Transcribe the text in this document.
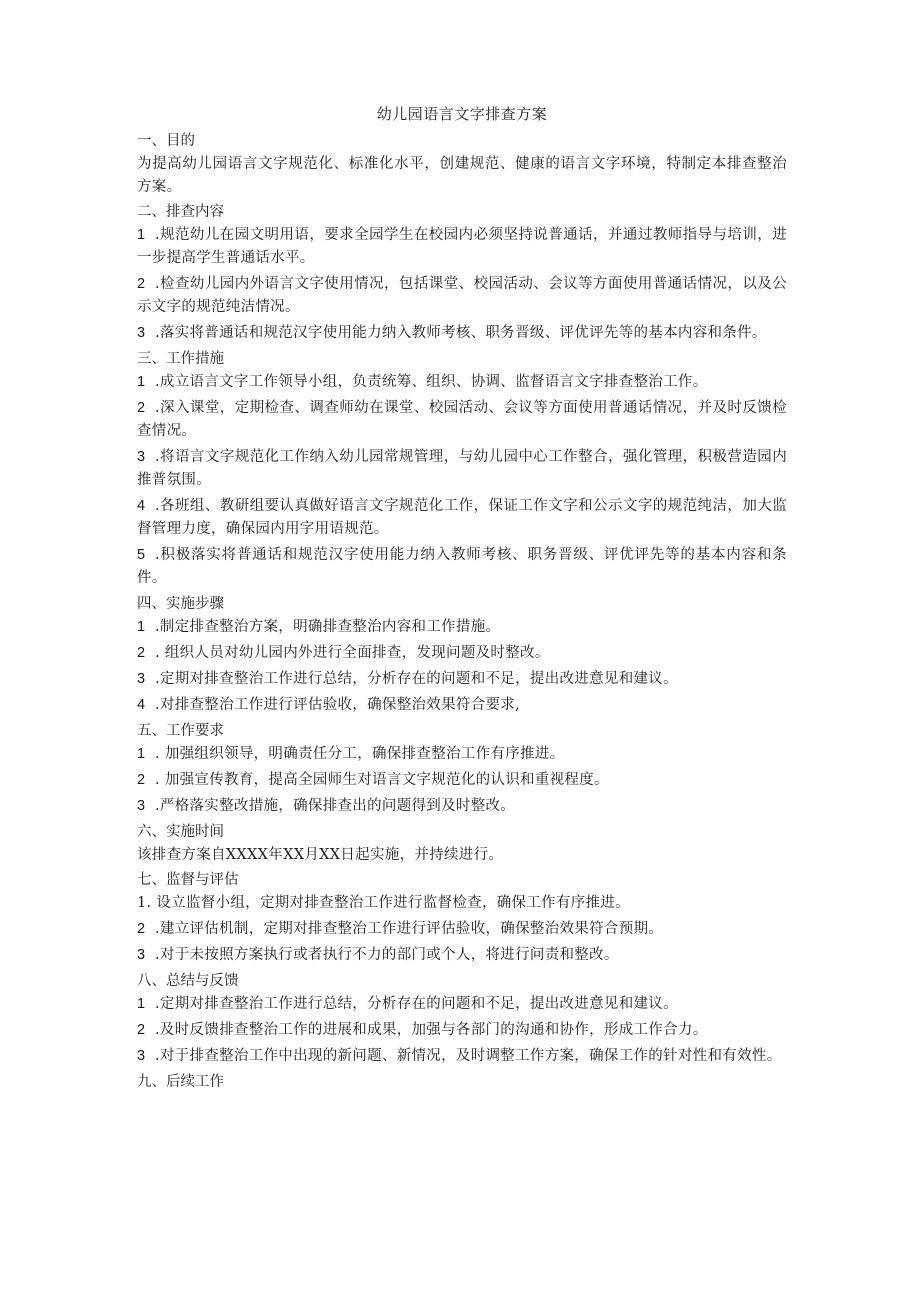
幼儿园语言文字排查方案

一、目的

为提高幼儿园语言文字规范化、标准化水平，创建规范、健康的语言文字环境，特制定本排查整治方案。

二、排查内容

1 .规范幼儿在园文明用语，要求全园学生在校园内必须坚持说普通话，并通过教师指导与培训，进一步提高学生普通话水平。

2 .检查幼儿园内外语言文字使用情况，包括课堂、校园活动、会议等方面使用普通话情况，以及公示文字的规范纯洁情况。

3 .落实将普通话和规范汉字使用能力纳入教师考核、职务晋级、评优评先等的基本内容和条件。

三、工作措施

1 .成立语言文字工作领导小组，负责统筹、组织、协调、监督语言文字排查整治工作。

2 .深入课堂，定期检查、调查师幼在课堂、校园活动、会议等方面使用普通话情况，并及时反馈检查情况。

3 .将语言文字规范化工作纳入幼儿园常规管理，与幼儿园中心工作整合，强化管理，积极营造园内推普氛围。

4 .各班组、教研组要认真做好语言文字规范化工作，保证工作文字和公示文字的规范纯洁，加大监督管理力度，确保园内用字用语规范。

5 .积极落实将普通话和规范汉字使用能力纳入教师考核、职务晋级、评优评先等的基本内容和条件。

四、实施步骤

1 .制定排查整治方案，明确排查整治内容和工作措施。

2 . 组织人员对幼儿园内外进行全面排查，发现问题及时整改。

3 .定期对排查整治工作进行总结，分析存在的问题和不足，提出改进意见和建议。

4 .对排查整治工作进行评估验收，确保整治效果符合要求,

五、工作要求

1 . 加强组织领导，明确责任分工，确保排查整治工作有序推进。

2 . 加强宣传教育，提高全园师生对语言文字规范化的认识和重视程度。

3 .严格落实整改措施，确保排查出的问题得到及时整改。

六、实施时间

该排查方案自XXXX年XX月XX日起实施，并持续进行。

七、监督与评估

1. 设立监督小组，定期对排查整治工作进行监督检查，确保工作有序推进。

2 .建立评估机制，定期对排查整治工作进行评估验收，确保整治效果符合预期。

3 .对于未按照方案执行或者执行不力的部门或个人，将进行问责和整改。

八、总结与反馈

1 .定期对排查整治工作进行总结，分析存在的问题和不足，提出改进意见和建议。

2 .及时反馈排查整治工作的进展和成果，加强与各部门的沟通和协作，形成工作合力。

3 .对于排查整治工作中出现的新问题、新情况，及时调整工作方案，确保工作的针对性和有效性。

九、后续工作
